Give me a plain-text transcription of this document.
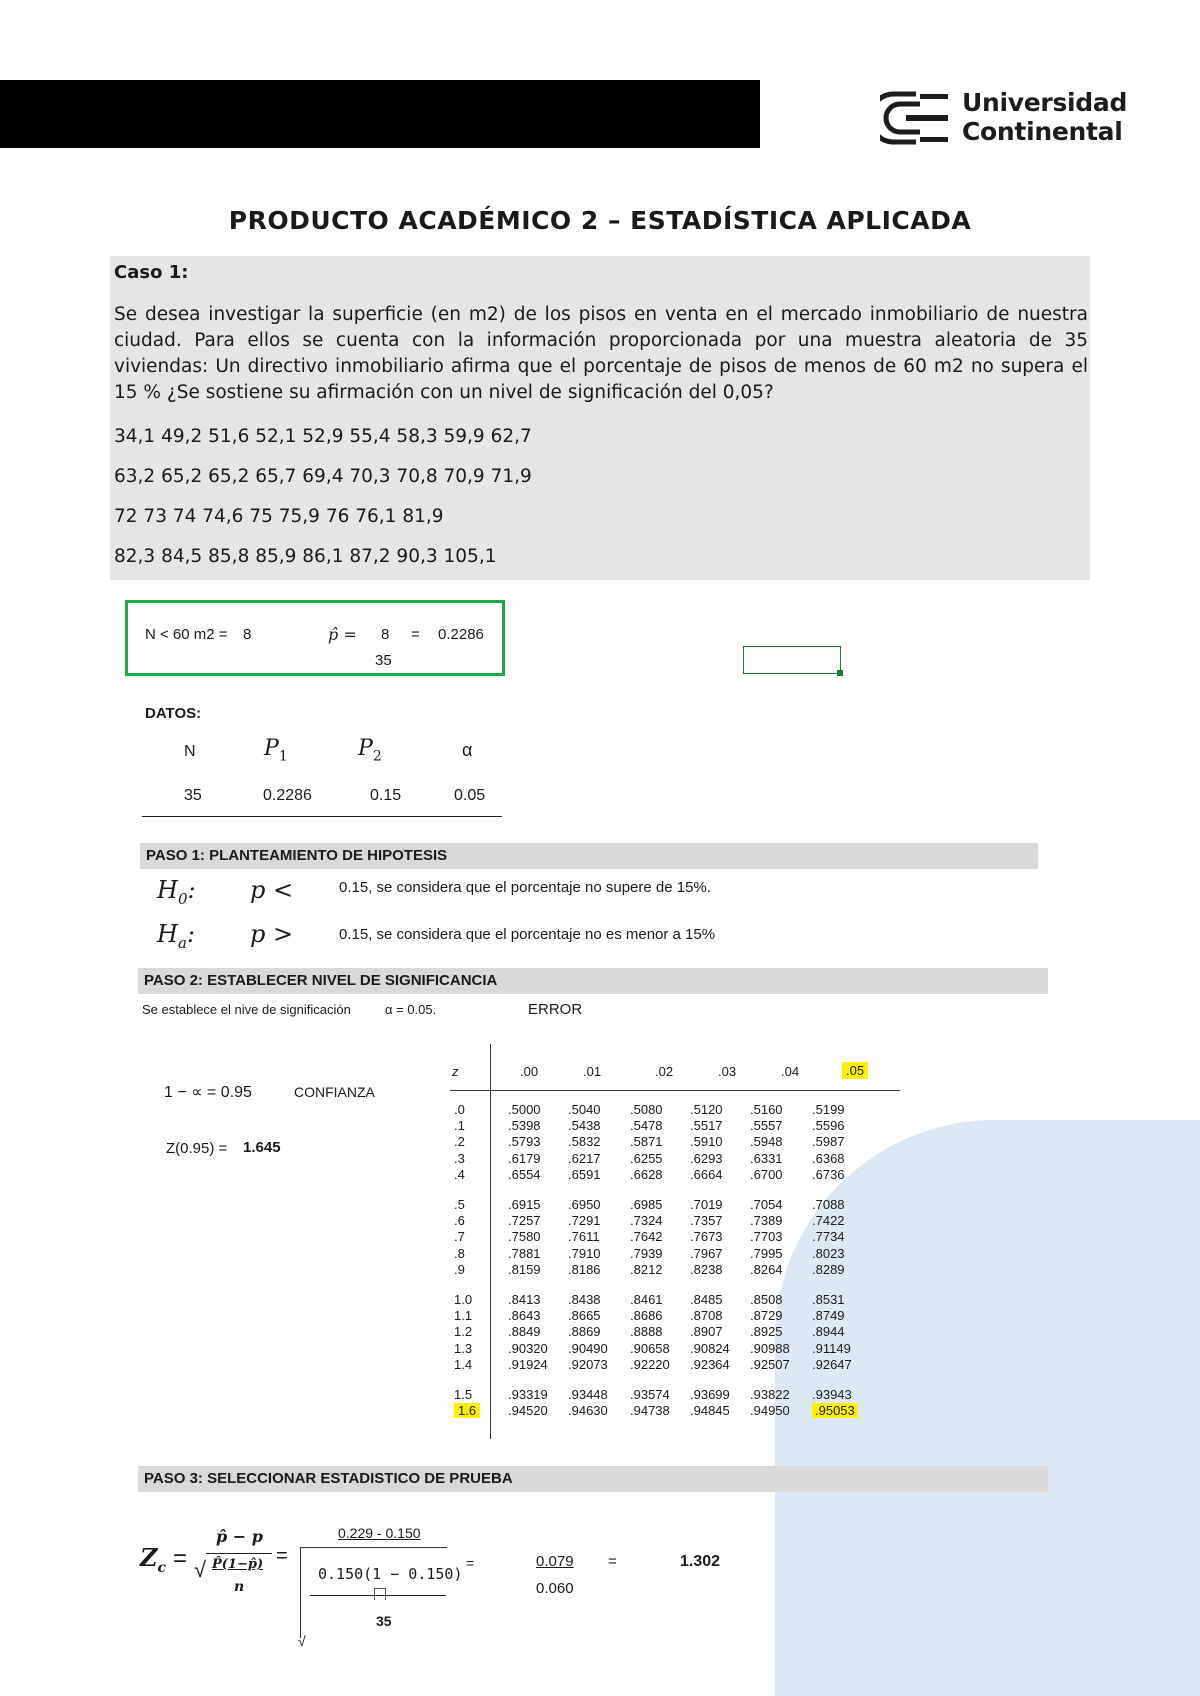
Universidad
Continental
PRODUCTO ACADÉMICO 2 – ESTADÍSTICA APLICADA
Caso 1:
Se desea investigar la superficie (en m2) de los pisos en venta en el mercado inmobiliario de nuestra ciudad. Para ellos se cuenta con la información proporcionada por una muestra aleatoria de 35 viviendas: Un directivo inmobiliario afirma que el porcentaje de pisos de menos de 60 m2 no supera el 15 % ¿Se sostiene su afirmación con un nivel de significación del 0,05?
34,1 49,2 51,6 52,1 52,9 55,4 58,3 59,9 62,7
63,2 65,2 65,2 65,7 69,4 70,3 70,8 70,9 71,9
72 73 74 74,6 75 75,9 76 76,1 81,9
82,3 84,5 85,8 85,9 86,1 87,2 90,3 105,1
N < 60 m2 = 8	p̂ = 8
35
= 0.2286
DATOS:
N	$P_1$	$P_2$	α
35	0.2286	0.15	0.05
PASO 1: PLANTEAMIENTO DE HIPOTESIS
$H_0$: p <	0.15, se considera que el porcentaje no supere de 15%.
$H_a$: p >	0.15, se considera que el porcentaje no es menor a 15%
PASO 2: ESTABLECER NIVEL DE SIGNIFICANCIA
Se establece el nive de significación	α = 0.05.	ERROR
1 − ∝ = 0.95	CONFIANZA
Z(0.95) = 1.645
z	.00	.01	.02	.03	.04	.05
.0	.5000 .5040 .5080 .5120 .5160 .5199
.1	.5398 .5438 .5478 .5517 .5557 .5596
.2	.5793 .5832 .5871 .5910 .5948 .5987
.3	.6179 .6217 .6255 .6293 .6331 .6368
.4	.6554 .6591 .6628 .6664 .6700 .6736
.5	.6915 .6950 .6985 .7019 .7054 .7088
.6	.7257 .7291 .7324 .7357 .7389 .7422
.7	.7580 .7611 .7642 .7673 .7703 .7734
.8	.7881 .7910 .7939 .7967 .7995 .8023
.9	.8159 .8186 .8212 .8238 .8264 .8289
1.0	.8413 .8438 .8461 .8485 .8508 .8531
1.1	.8643 .8665 .8686 .8708 .8729 .8749
1.2	.8849 .8869 .8888 .8907 .8925 .8944
1.3	.90320 .90490 .90658 .90824 .90988 .91149
1.4	.91924 .92073 .92220 .92364 .92507 .92647
1.5	.93319 .93448 .93574 .93699 .93822 .93943
1.6	.94520 .94630 .94738 .94845 .94950 .95053
PASO 3: SELECCIONAR ESTADISTICO DE PRUEBA
$Z_c$ =
p̂ − p
√ P̂(1−p̂)
n
=
0.229 - 0.150
0.150(1 − 0.150)
35
√
=	0.079
0.060
=	1.302
